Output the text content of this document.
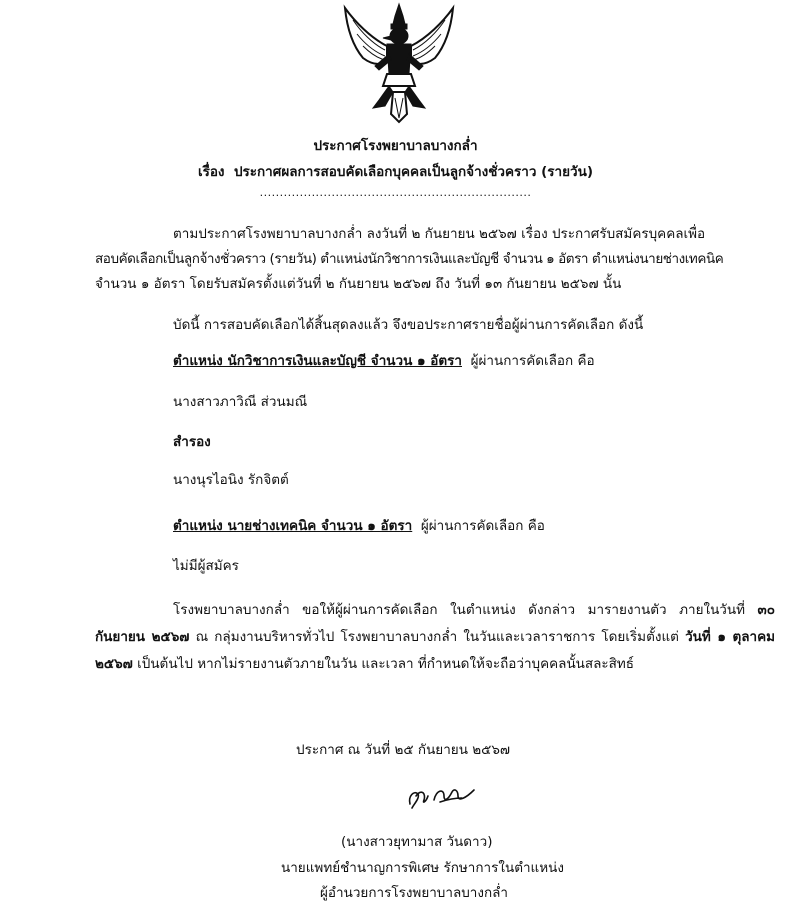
ประกาศโรงพยาบาลบางกล่ำ
เรื่อง ประกาศผลการสอบคัดเลือกบุคคลเป็นลูกจ้างชั่วคราว (รายวัน)
....................................................................
ตามประกาศโรงพยาบาลบางกล่ำ ลงวันที่ ๒ กันยายน ๒๕๖๗ เรื่อง ประกาศรับสมัครบุคคลเพื่อ
สอบคัดเลือกเป็นลูกจ้างชั่วคราว (รายวัน) ตำแหน่งนักวิชาการเงินและบัญชี จำนวน ๑ อัตรา ตำแหน่งนายช่างเทคนิค
จำนวน ๑ อัตรา โดยรับสมัครตั้งแต่วันที่ ๒ กันยายน ๒๕๖๗ ถึง วันที่ ๑๓ กันยายน ๒๕๖๗ นั้น
บัดนี้ การสอบคัดเลือกได้สิ้นสุดลงแล้ว จึงขอประกาศรายชื่อผู้ผ่านการคัดเลือก ดังนี้
ตำแหน่ง นักวิชาการเงินและบัญชี จำนวน ๑ อัตรา ผู้ผ่านการคัดเลือก คือ
นางสาวภาวิณี ส่วนมณี
สำรอง
นางนุรไอนิง รักจิตต์
ตำแหน่ง นายช่างเทคนิค จำนวน ๑ อัตรา ผู้ผ่านการคัดเลือก คือ
ไม่มีผู้สมัคร
โรงพยาบาลบางกล่ำ ขอให้ผู้ผ่านการคัดเลือก ในตำแหน่ง ดังกล่าว มารายงานตัว ภายในวันที่ ๓๐ กันยายน ๒๕๖๗ ณ กลุ่มงานบริหารทั่วไป โรงพยาบาลบางกล่ำ ในวันและเวลาราชการ โดยเริ่มตั้งแต่ วันที่ ๑ ตุลาคม ๒๕๖๗ เป็นต้นไป หากไม่รายงานตัวภายในวัน และเวลา ที่กำหนดให้จะถือว่าบุคคลนั้นสละสิทธ์
ประกาศ ณ วันที่ ๒๕ กันยายน ๒๕๖๗
(นางสาวยุทามาส วันดาว)
นายแพทย์ชำนาญการพิเศษ รักษาการในตำแหน่ง
ผู้อำนวยการโรงพยาบาลบางกล่ำ
